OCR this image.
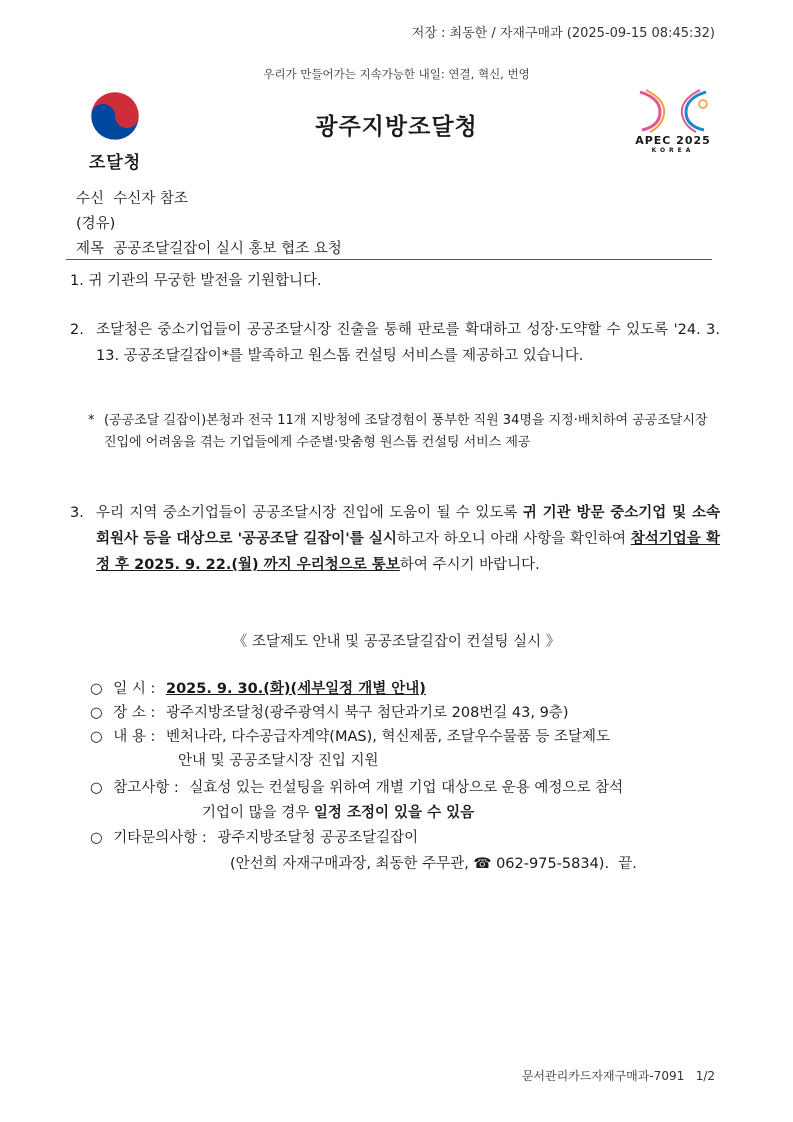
저장 : 최동한 / 자재구매과 (2025-09-15 08:45:32)
우리가 만들어가는 지속가능한 내일: 연결, 혁신, 번영
조달청
광주지방조달청
APEC 2025
KOREA
수신 수신자 참조
(경유)
제목 공공조달길잡이 실시 홍보 협조 요청
1. 귀 기관의 무궁한 발전을 기원합니다.
2. 조달청은 중소기업들이 공공조달시장 진출을 통해 판로를 확대하고 성장·도약할 수 있도록 '24. 3. 13. 공공조달길잡이*를 발족하고 원스톱 컨설팅 서비스를 제공하고 있습니다.
* (공공조달 길잡이)본청과 전국 11개 지방청에 조달경험이 풍부한 직원 34명을 지정·배치하여 공공조달시장 진입에 어려움을 겪는 기업들에게 수준별·맞춤형 원스톱 컨설팅 서비스 제공
3. 우리 지역 중소기업들이 공공조달시장 진입에 도움이 될 수 있도록 귀 기관 방문 중소기업 및 소속 회원사 등을 대상으로 '공공조달 길잡이'를 실시하고자 하오니 아래 사항을 확인하여 참석기업을 확정 후 2025. 9. 22.(월) 까지 우리청으로 통보하여 주시기 바랍니다.
《 조달제도 안내 및 공공조달길잡이 컨설팅 실시 》
○ 일 시 : 2025. 9. 30.(화)(세부일정 개별 안내)
○ 장 소 : 광주지방조달청(광주광역시 북구 첨단과기로 208번길 43, 9층)
○ 내 용 : 벤처나라, 다수공급자계약(MAS), 혁신제품, 조달우수물품 등 조달제도
안내 및 공공조달시장 진입 지원
○ 참고사항 : 실효성 있는 컨설팅을 위하여 개별 기업 대상으로 운용 예정으로 참석
기업이 많을 경우 일정 조정이 있을 수 있음
○ 기타문의사항 : 광주지방조달청 공공조달길잡이
(안선희 자재구매과장, 최동한 주무관, ☎ 062-975-5834). 끝.
문서관리카드자재구매과-7091 1/2
